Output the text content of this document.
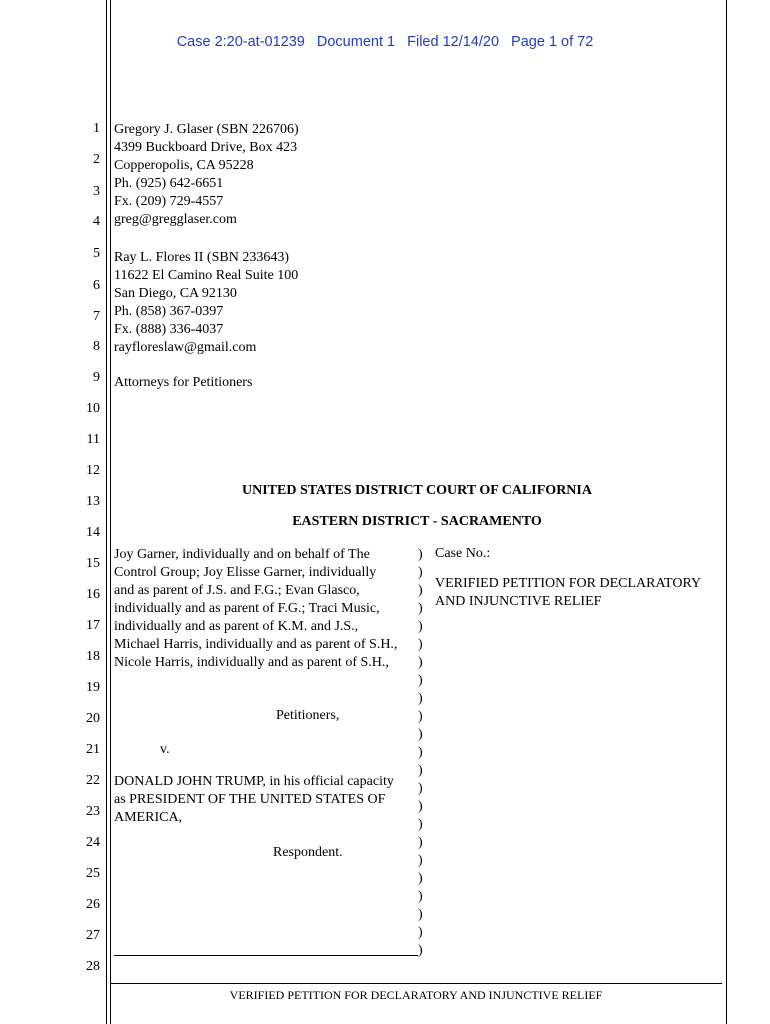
Case 2:20-at-01239 Document 1 Filed 12/14/20 Page 1 of 72
1
2
3
4
5
6
7
8
9
10
11
12
13
14
15
16
17
18
19
20
21
22
23
24
25
26
27
28
Gregory J. Glaser (SBN 226706)
4399 Buckboard Drive, Box 423
Copperopolis, CA 95228
Ph. (925) 642-6651
Fx. (209) 729-4557
greg@gregglaser.com
Ray L. Flores II (SBN 233643)
11622 El Camino Real Suite 100
San Diego, CA 92130
Ph. (858) 367-0397
Fx. (888) 336-4037
rayfloreslaw@gmail.com
Attorneys for Petitioners
UNITED STATES DISTRICT COURT OF CALIFORNIA
EASTERN DISTRICT - SACRAMENTO
Joy Garner, individually and on behalf of The
Control Group; Joy Elisse Garner, individually
and as parent of J.S. and F.G.; Evan Glasco,
individually and as parent of F.G.; Traci Music,
individually and as parent of K.M. and J.S.,
Michael Harris, individually and as parent of S.H.,
Nicole Harris, individually and as parent of S.H.,
Petitioners,
v.
DONALD JOHN TRUMP, in his official capacity
as PRESIDENT OF THE UNITED STATES OF
AMERICA,
Respondent.
)
)
)
)
)
)
)
)
)
)
)
)
)
)
)
)
)
)
)
)
)
)
)
Case No.:
VERIFIED PETITION FOR DECLARATORY
AND INJUNCTIVE RELIEF
VERIFIED PETITION FOR DECLARATORY AND INJUNCTIVE RELIEF
